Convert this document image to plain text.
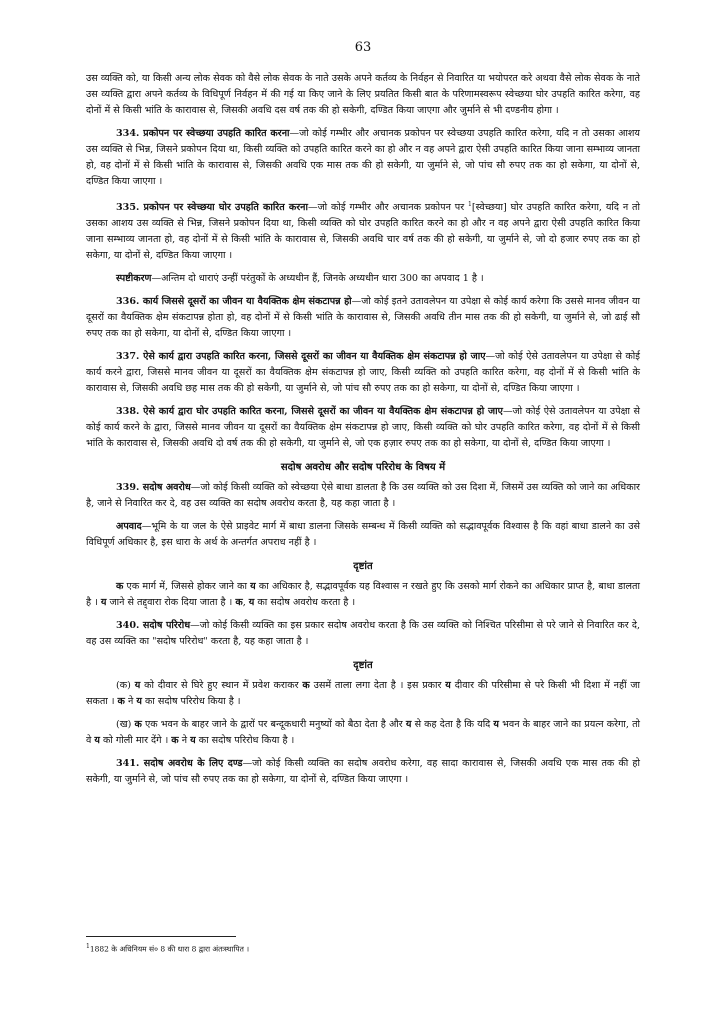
63

उस व्यक्ति को, या किसी अन्य लोक सेवक को वैसे लोक सेवक के नाते उसके अपने कर्तव्य के निर्वहन से निवारित या भयोपरत करे अथवा वैसे लोक सेवक के नाते उस व्यक्ति द्वारा अपने कर्तव्य के विधिपूर्ण निर्वहन में की गई या किए जाने के लिए प्रयतित किसी बात के परिणामस्वरूप स्वेच्छया घोर उपहति कारित करेगा, वह दोनों में से किसी भांति के कारावास से, जिसकी अवधि दस वर्ष तक की हो सकेगी, दण्डित किया जाएगा और जुर्माने से भी दण्डनीय होगा ।

334. प्रकोपन पर स्वेच्छया उपहति कारित करना—जो कोई गम्भीर और अचानक प्रकोपन पर स्वेच्छया उपहति कारित करेगा, यदि न तो उसका आशय उस व्यक्ति से भिन्न, जिसने प्रकोपन दिया था, किसी व्यक्ति को उपहति कारित करने का हो और न वह अपने द्वारा ऐसी उपहति कारित किया जाना सम्भाव्य जानता हो, वह दोनों में से किसी भांति के कारावास से, जिसकी अवधि एक मास तक की हो सकेगी, या जुर्माने से, जो पांच सौ रुपए तक का हो सकेगा, या दोनों से, दण्डित किया जाएगा ।

335. प्रकोपन पर स्वेच्छया घोर उपहति कारित करना—जो कोई गम्भीर और अचानक प्रकोपन पर $^1$[स्वेच्छया] घोर उपहति कारित करेगा, यदि न तो उसका आशय उस व्यक्ति से भिन्न, जिसने प्रकोपन दिया था, किसी व्यक्ति को घोर उपहति कारित करने का हो और न वह अपने द्वारा ऐसी उपहति कारित किया जाना सम्भाव्य जानता हो, वह दोनों में से किसी भांति के कारावास से, जिसकी अवधि चार वर्ष तक की हो सकेगी, या जुर्माने से, जो दो हजार रुपए तक का हो सकेगा, या दोनों से, दण्डित किया जाएगा ।

स्पष्टीकरण—अन्तिम दो धाराएं उन्हीं परंतुकों के अध्यधीन हैं, जिनके अध्यधीन धारा 300 का अपवाद 1 है ।

336. कार्य जिससे दूसरों का जीवन या वैयक्तिक क्षेम संकटापन्न हो—जो कोई इतने उतावलेपन या उपेक्षा से कोई कार्य करेगा कि उससे मानव जीवन या दूसरों का वैयक्तिक क्षेम संकटापन्न होता हो, वह दोनों में से किसी भांति के कारावास से, जिसकी अवधि तीन मास तक की हो सकेगी, या जुर्माने से, जो ढाई सौ रुपए तक का हो सकेगा, या दोनों से, दण्डित किया जाएगा ।

337. ऐसे कार्य द्वारा उपहति कारित करना, जिससे दूसरों का जीवन या वैयक्तिक क्षेम संकटापन्न हो जाए—जो कोई ऐसे उतावलेपन या उपेक्षा से कोई कार्य करने द्वारा, जिससे मानव जीवन या दूसरों का वैयक्तिक क्षेम संकटापन्न हो जाए, किसी व्यक्ति को उपहति कारित करेगा, वह दोनों में से किसी भांति के कारावास से, जिसकी अवधि छह मास तक की हो सकेगी, या जुर्माने से, जो पांच सौ रुपए तक का हो सकेगा, या दोनों से, दण्डित किया जाएगा ।

338. ऐसे कार्य द्वारा घोर उपहति कारित करना, जिससे दूसरों का जीवन या वैयक्तिक क्षेम संकटापन्न हो जाए—जो कोई ऐसे उतावलेपन या उपेक्षा से कोई कार्य करने के द्वारा, जिससे मानव जीवन या दूसरों का वैयक्तिक क्षेम संकटापन्न हो जाए, किसी व्यक्ति को घोर उपहति कारित करेगा, वह दोनों में से किसी भांति के कारावास से, जिसकी अवधि दो वर्ष तक की हो सकेगी, या जुर्माने से, जो एक हज़ार रुपए तक का हो सकेगा, या दोनों से, दण्डित किया जाएगा ।

सदोष अवरोध और सदोष परिरोध के विषय में

339. सदोष अवरोध—जो कोई किसी व्यक्ति को स्वेच्छया ऐसे बाधा डालता है कि उस व्यक्ति को उस दिशा में, जिसमें उस व्यक्ति को जाने का अधिकार है, जाने से निवारित कर दे, वह उस व्यक्ति का सदोष अवरोध करता है, यह कहा जाता है ।

अपवाद—भूमि के या जल के ऐसे प्राइवेट मार्ग में बाधा डालना जिसके सम्बन्ध में किसी व्यक्ति को सद्भावपूर्वक विश्वास है कि वहां बाधा डालने का उसे विधिपूर्ण अधिकार है, इस धारा के अर्थ के अन्तर्गत अपराध नहीं है ।

दृष्टांत

क एक मार्ग में, जिससे होकर जाने का य का अधिकार है, सद्भावपूर्वक यह विश्वास न रखते हुए कि उसको मार्ग रोकने का अधिकार प्राप्त है, बाधा डालता है । य जाने से तद्द्वारा रोक दिया जाता है । क, य का सदोष अवरोध करता है ।

340. सदोष परिरोध—जो कोई किसी व्यक्ति का इस प्रकार सदोष अवरोध करता है कि उस व्यक्ति को निश्चित परिसीमा से परे जाने से निवारित कर दे, वह उस व्यक्ति का "सदोष परिरोध" करता है, यह कहा जाता है ।

दृष्टांत

(क) य को दीवार से घिरे हुए स्थान में प्रवेश कराकर क उसमें ताला लगा देता है । इस प्रकार य दीवार की परिसीमा से परे किसी भी दिशा में नहीं जा सकता । क ने य का सदोष परिरोध किया है ।

(ख) क एक भवन के बाहर जाने के द्वारों पर बन्दूकधारी मनुष्यों को बैठा देता है और य से कह देता है कि यदि य भवन के बाहर जाने का प्रयत्न करेगा, तो वे य को गोली मार देंगे । क ने य का सदोष परिरोध किया है ।

341. सदोष अवरोध के लिए दण्ड—जो कोई किसी व्यक्ति का सदोष अवरोध करेगा, वह सादा कारावास से, जिसकी अवधि एक मास तक की हो सकेगी, या जुर्माने से, जो पांच सौ रुपए तक का हो सकेगा, या दोनों से, दण्डित किया जाएगा ।

$^1$1882 के अधिनियम सं० 8 की धारा 8 द्वारा अंतःस्थापित ।
